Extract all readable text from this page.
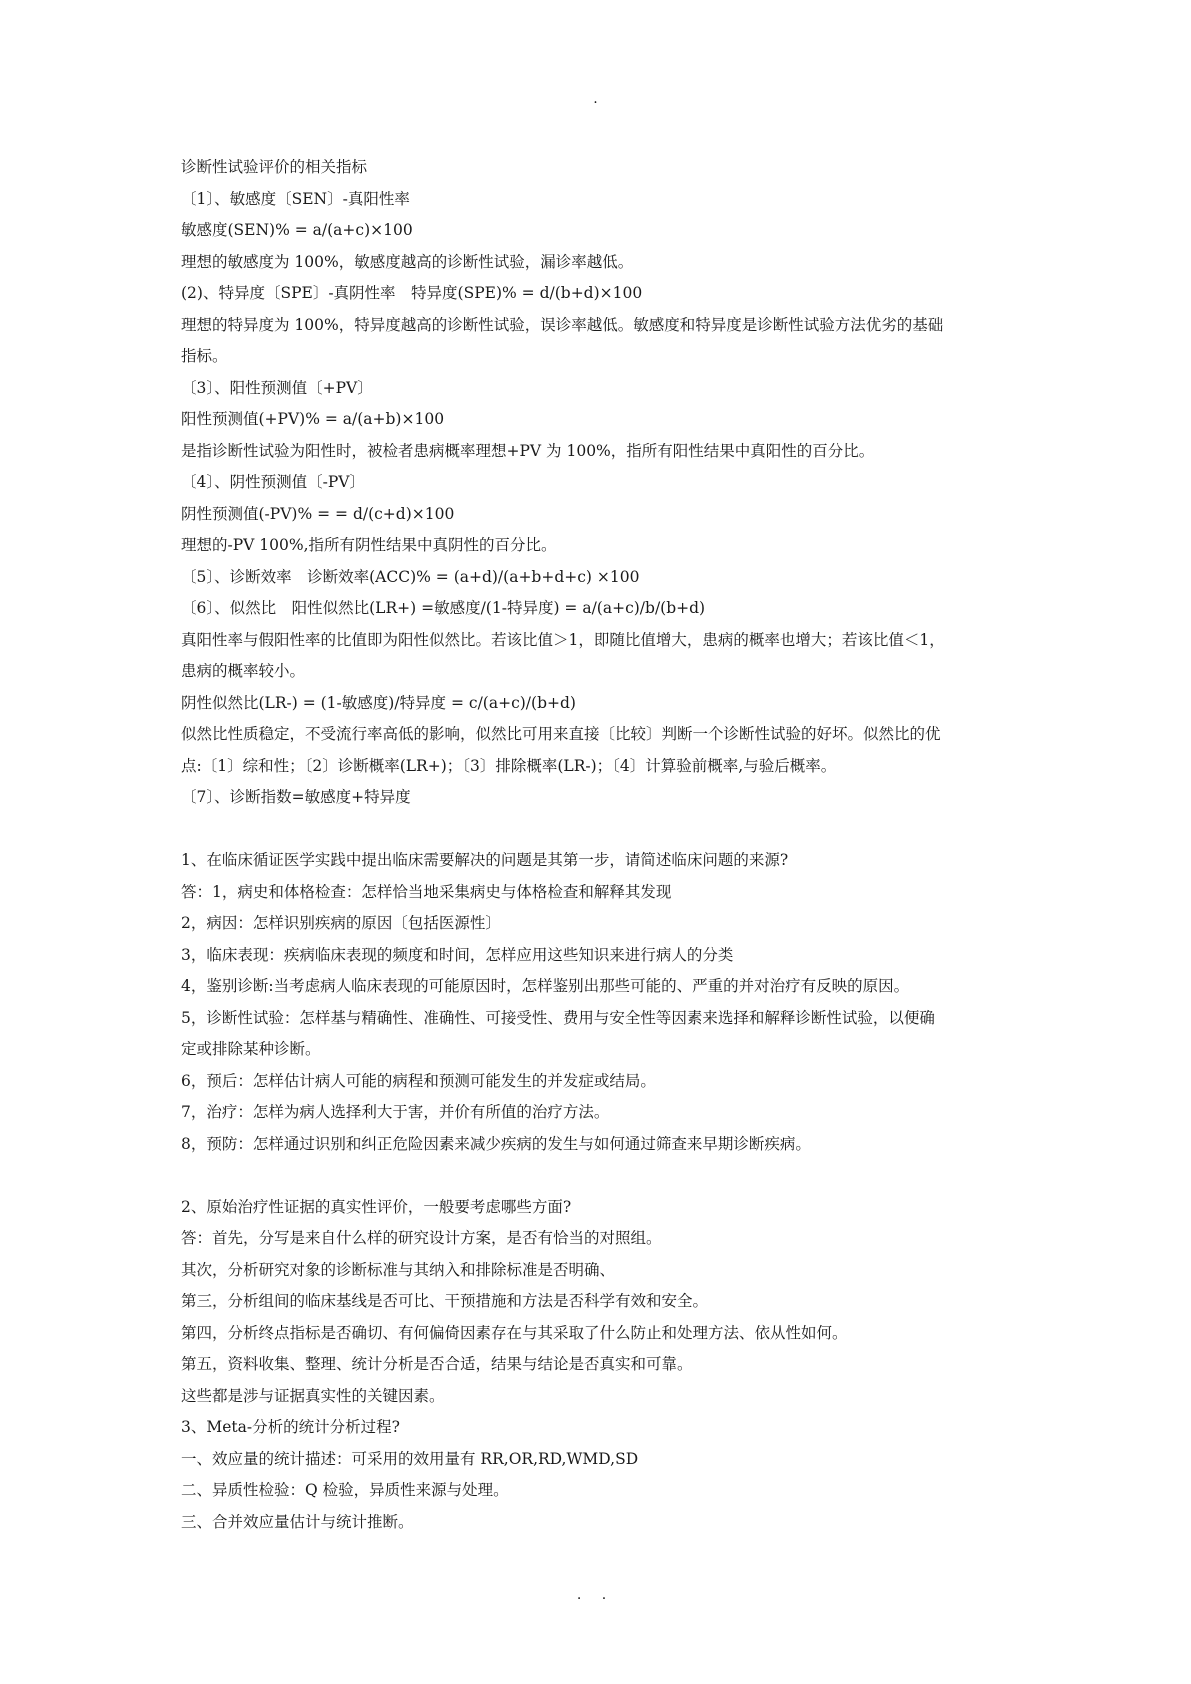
.
诊断性试验评价的相关指标
〔1〕、敏感度〔SEN〕-真阳性率
敏感度(SEN)% = a/(a+c)×100
理想的敏感度为 100%，敏感度越高的诊断性试验，漏诊率越低。
(2)、特异度〔SPE〕-真阴性率　特异度(SPE)% = d/(b+d)×100
理想的特异度为 100%，特异度越高的诊断性试验，误诊率越低。敏感度和特异度是诊断性试验方法优劣的基础
指标。
〔3〕、阳性预测值〔+PV〕
阳性预测值(+PV)% = a/(a+b)×100
是指诊断性试验为阳性时，被检者患病概率理想+PV 为 100%，指所有阳性结果中真阳性的百分比。
〔4〕、阴性预测值〔-PV〕
阴性预测值(-PV)% = = d/(c+d)×100
理想的-PV 100%,指所有阴性结果中真阴性的百分比。
〔5〕、诊断效率　诊断效率(ACC)% = (a+d)/(a+b+d+c) ×100
〔6〕、似然比　阳性似然比(LR+) =敏感度/(1-特异度) = a/(a+c)/b/(b+d)
真阳性率与假阳性率的比值即为阳性似然比。若该比值＞1，即随比值增大，患病的概率也增大；若该比值＜1，
患病的概率较小。
阴性似然比(LR-) = (1-敏感度)/特异度 = c/(a+c)/(b+d)
似然比性质稳定，不受流行率高低的影响，似然比可用来直接〔比较〕判断一个诊断性试验的好坏。似然比的优
点:〔1〕综和性；〔2〕诊断概率(LR+)；〔3〕排除概率(LR-)；〔4〕计算验前概率,与验后概率。
〔7〕、诊断指数=敏感度+特异度
1、在临床循证医学实践中提出临床需要解决的问题是其第一步，请简述临床问题的来源?
答：1，病史和体格检查：怎样恰当地采集病史与体格检查和解释其发现
2，病因：怎样识别疾病的原因〔包括医源性〕
3，临床表现：疾病临床表现的频度和时间，怎样应用这些知识来进行病人的分类
4，鉴别诊断:当考虑病人临床表现的可能原因时，怎样鉴别出那些可能的、严重的并对治疗有反映的原因。
5，诊断性试验：怎样基与精确性、准确性、可接受性、费用与安全性等因素来选择和解释诊断性试验，以便确
定或排除某种诊断。
6，预后：怎样估计病人可能的病程和预测可能发生的并发症或结局。
7，治疗：怎样为病人选择利大于害，并价有所值的治疗方法。
8，预防：怎样通过识别和纠正危险因素来减少疾病的发生与如何通过筛查来早期诊断疾病。
2、原始治疗性证据的真实性评价，一般要考虑哪些方面?
答：首先，分写是来自什么样的研究设计方案，是否有恰当的对照组。
其次，分析研究对象的诊断标准与其纳入和排除标准是否明确、
第三，分析组间的临床基线是否可比、干预措施和方法是否科学有效和安全。
第四，分析终点指标是否确切、有何偏倚因素存在与其采取了什么防止和处理方法、依从性如何。
第五，资料收集、整理、统计分析是否合适，结果与结论是否真实和可靠。
这些都是涉与证据真实性的关键因素。
3、Meta-分析的统计分析过程?
一、效应量的统计描述：可采用的效用量有 RR,OR,RD,WMD,SD
二、异质性检验：Q 检验，异质性来源与处理。
三、合并效应量估计与统计推断。
. .
